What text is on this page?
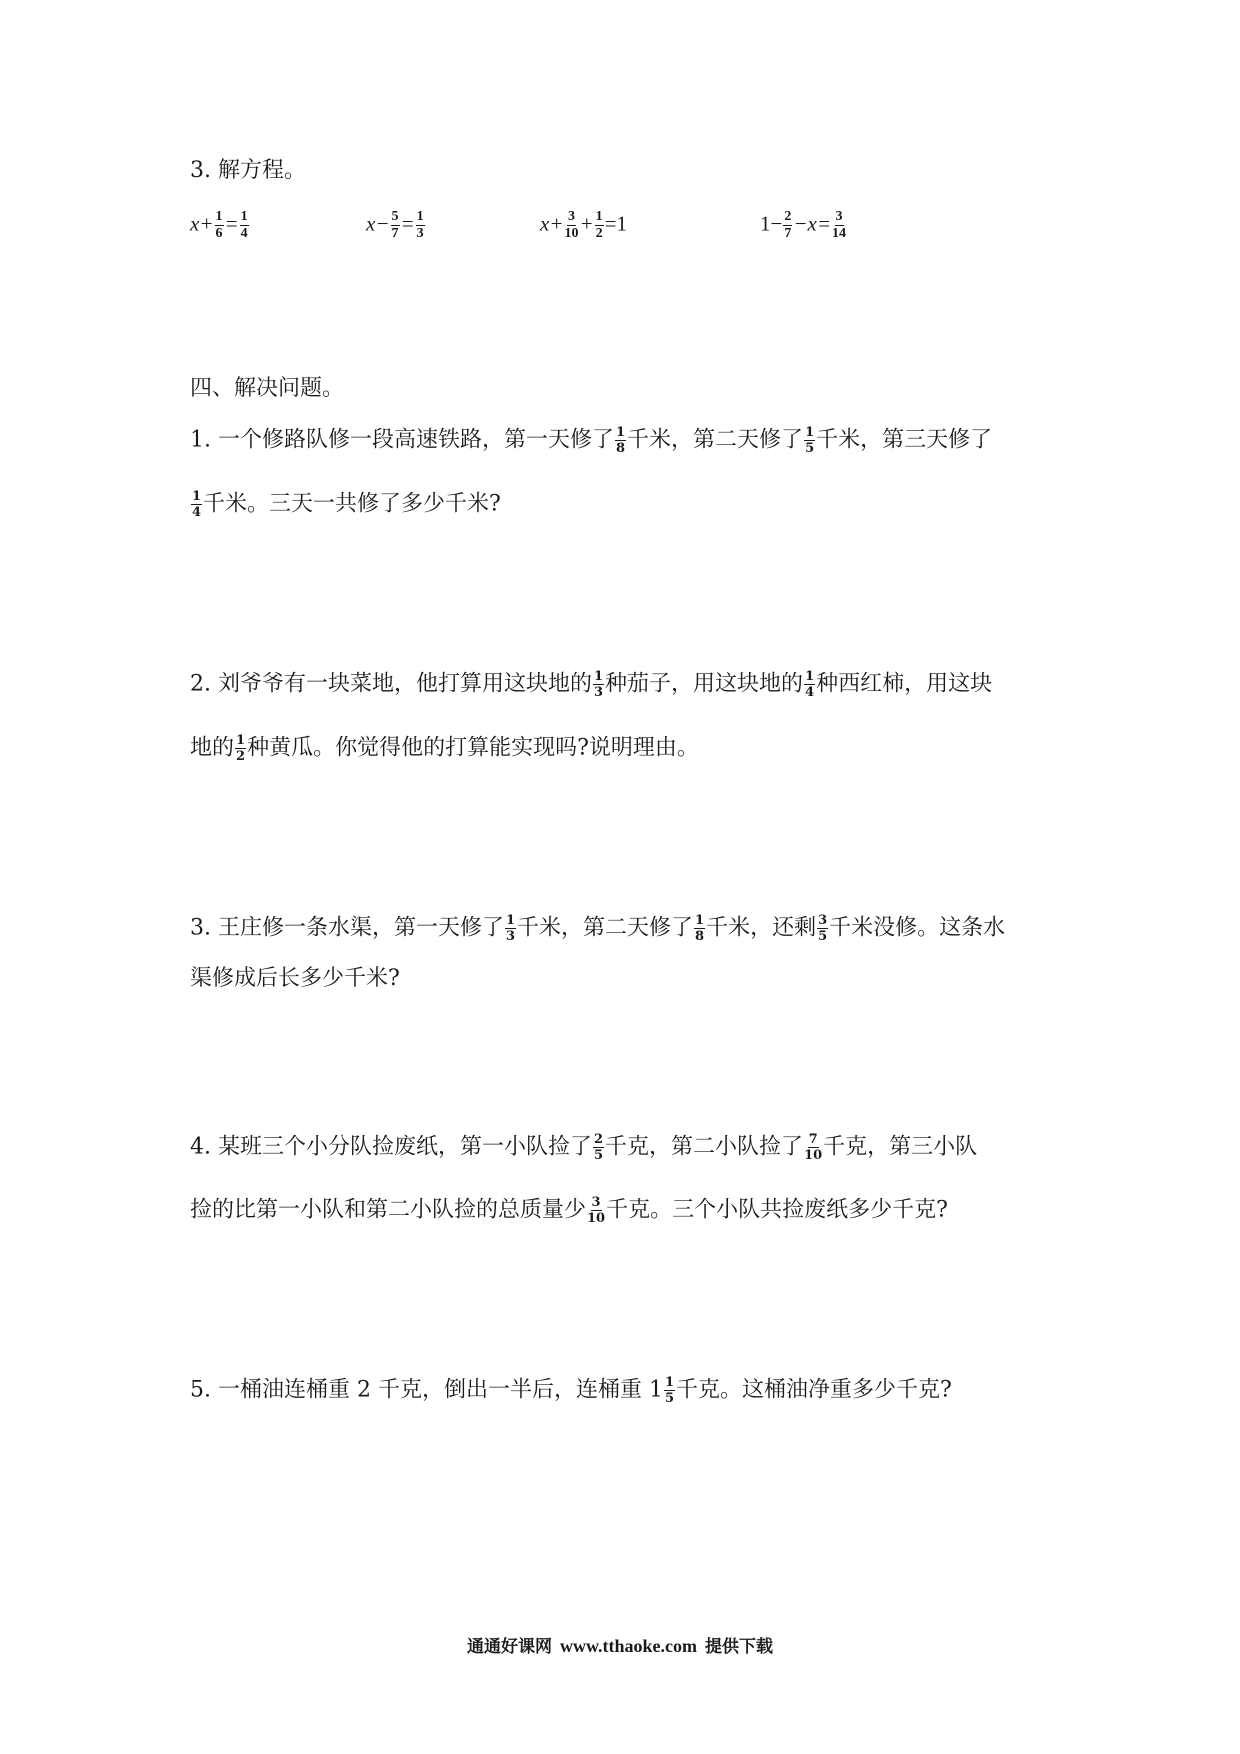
3. 解方程。
$x+ \frac{1}{6} = \frac{1}{4}$	$x- \frac{5}{7} = \frac{1}{3}$	$x+ \frac{3}{10} + \frac{1}{2} =1$	$1- \frac{2}{7} -x= \frac{3}{14}$
四、解决问题。
1. 一个修路队修一段高速铁路，第一天修了 $\frac{1}{8}$ 千米，第二天修了 $\frac{1}{5}$ 千米，第三天修了
$\frac{1}{4}$ 千米。三天一共修了多少千米?
2. 刘爷爷有一块菜地，他打算用这块地的 $\frac{1}{3}$ 种茄子，用这块地的 $\frac{1}{4}$ 种西红柿，用这块
地的 $\frac{1}{2}$ 种黄瓜。你觉得他的打算能实现吗?说明理由。
3. 王庄修一条水渠，第一天修了 $\frac{1}{3}$ 千米，第二天修了 $\frac{1}{8}$ 千米，还剩 $\frac{3}{5}$ 千米没修。这条水
渠修成后长多少千米?
4. 某班三个小分队捡废纸，第一小队捡了 $\frac{2}{5}$ 千克，第二小队捡了 $\frac{7}{10}$ 千克，第三小队
捡的比第一小队和第二小队捡的总质量少 $\frac{3}{10}$ 千克。三个小队共捡废纸多少千克?
5. 一桶油连桶重 2 千克，倒出一半后，连桶重 $1 \frac{1}{5}$ 千克。这桶油净重多少千克?
通通好课网 www.tthaoke.com 提供下载
